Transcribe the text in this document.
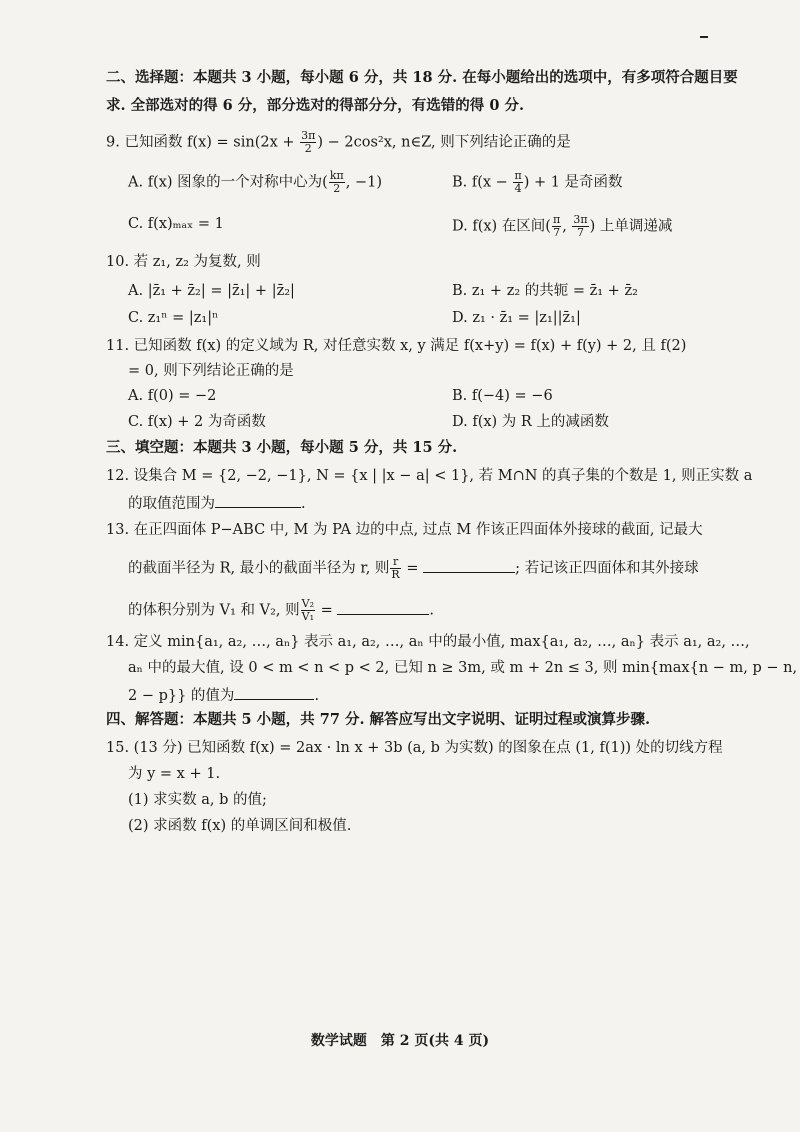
二、选择题：本题共 3 小题，每小题 6 分，共 18 分. 在每小题给出的选项中，有多项符合题目要
求. 全部选对的得 6 分，部分选对的得部分分，有选错的得 0 分.
9. 已知函数 $f(x) = \sin(2x + \frac{3\pi}{2}$ ) − 2cos²x, n∈Z, 则下列结论正确的是
A. f(x) 图象的一个对称中心为( $\frac{k\pi}{2}$ , −1)	B. $f(x - \frac{\pi}{4}$ ) + 1 是奇函数
C. f(x)ₘₐₓ = 1	D. f(x) 在区间( $\frac{\pi}{7}$ , $\frac{3\pi}{7}$ ) 上单调递减
10. 若 z₁, z₂ 为复数, 则
A. |z̄₁ + z̄₂| = |z̄₁| + |z̄₂|	B. z₁ + z₂ 的共轭 = z̄₁ + z̄₂
C. z₁ⁿ = |z₁|ⁿ	D. z₁ · z̄₁ = |z₁||z̄₁|
11. 已知函数 f(x) 的定义域为 R, 对任意实数 x, y 满足 f(x+y) = f(x) + f(y) + 2, 且 f(2)
= 0, 则下列结论正确的是
A. f(0) = −2	B. f(−4) = −6
C. f(x) + 2 为奇函数	D. f(x) 为 R 上的减函数
三、填空题：本题共 3 小题，每小题 5 分，共 15 分.
12. 设集合 M = {2, −2, −1}, N = {x | |x − a| < 1}, 若 M∩N 的真子集的个数是 1, 则正实数 a
的取值范围为	.
13. 在正四面体 P−ABC 中, M 为 PA 边的中点, 过点 M 作该正四面体外接球的截面, 记最大
的截面半径为 R, 最小的截面半径为 r, 则 $\frac{r}{R}$ =	; 若记该正四面体和其外接球
的体积分别为 V₁ 和 V₂, 则 $\frac{\text{V₂}}{\text{V₁}}$ =	.
14. 定义 min{a₁, a₂, …, aₙ} 表示 a₁, a₂, …, aₙ 中的最小值, max{a₁, a₂, …, aₙ} 表示 a₁, a₂, …,
aₙ 中的最大值, 设 0 < m < n < p < 2, 已知 n ≥ 3m, 或 m + 2n ≤ 3, 则 min{max{n − m, p − n,
2 − p}} 的值为	.
四、解答题：本题共 5 小题，共 77 分. 解答应写出文字说明、证明过程或演算步骤.
15. (13 分) 已知函数 f(x) = 2ax · ln x + 3b (a, b 为实数) 的图象在点 (1, f(1)) 处的切线方程
为 y = x + 1.
(1) 求实数 a, b 的值;
(2) 求函数 f(x) 的单调区间和极值.
数学试题　第 2 页(共 4 页)
